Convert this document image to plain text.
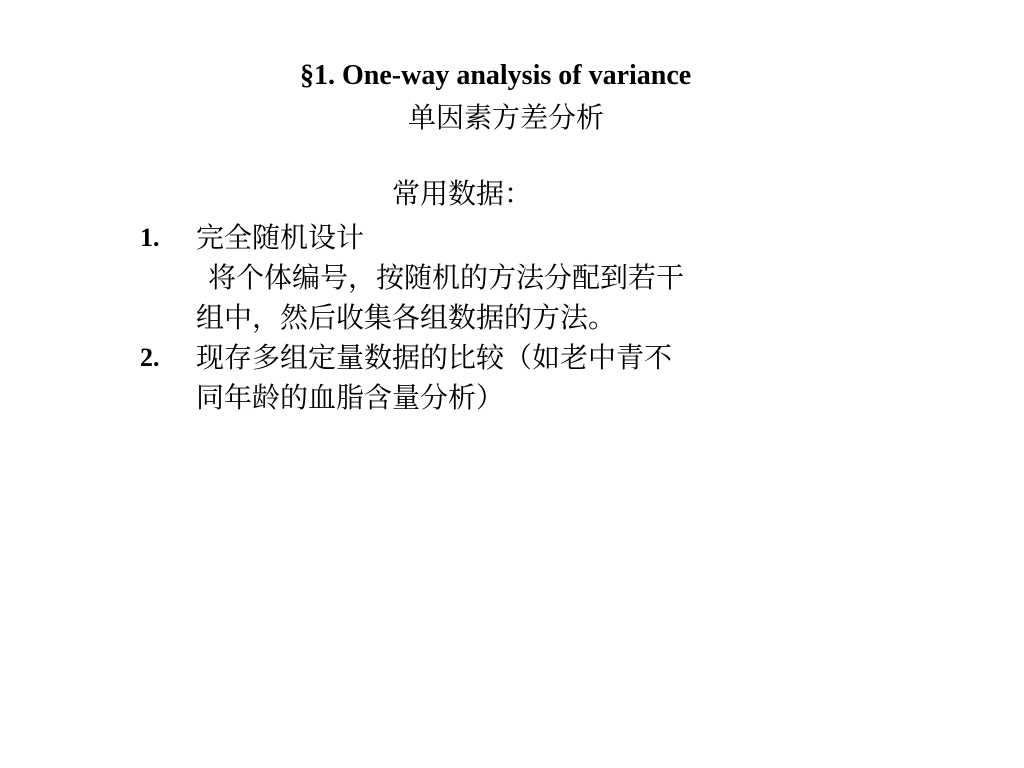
§1. One-way analysis of variance
单因素方差分析
常用数据：
1. 完全随机设计
将个体编号，按随机的方法分配到若干
组中，然后收集各组数据的方法。
2. 现存多组定量数据的比较（如老中青不
同年龄的血脂含量分析）
